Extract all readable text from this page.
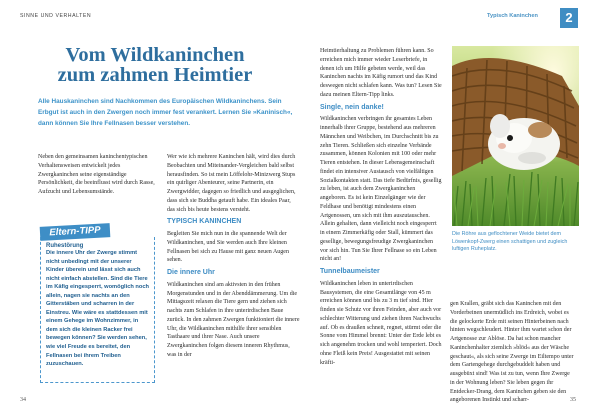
SINNE UND VERHALTEN	Typisch Kaninchen	2
Vom Wildkaninchen
zum zahmen Heimtier
Alle Hauskaninchen sind Nachkommen des Europäischen Wildkaninchens. Sein Erbgut ist auch in den Zwergen noch immer fest verankert. Lernen Sie »Kaninisch«, dann können Sie Ihre Fellnasen besser verstehen.

Neben den gemeinsamen kaninchentypischen Verhaltensweisen entwickelt jedes Zwergkaninchen seine eigenständige Persönlichkeit, die beeinflusst wird durch Rasse, Aufzucht und Lebensumstände.

Eltern-TIPP
Ruhestörung
Die innere Uhr der Zwerge stimmt nicht unbedingt mit der unserer Kinder überein und lässt sich auch nicht einfach abstellen. Sind die Tiere im Käfig eingesperrt, womöglich noch allein, nagen sie nachts an den Gitterstäben und scharren in der Einstreu. Wie wäre es stattdessen mit einem Gehege im Wohnzimmer, in dem sich die kleinen Racker frei bewegen können? Sie werden sehen, wie viel Freude es bereitet, den Fellnasen bei ihrem Treiben zuzuschauen.

Wer wie ich mehrere Kaninchen hält, wird dies durch Beobachten und Miteinander-Vergleichen bald selbst herausfinden. So ist mein Löffelohr-Minizwerg Stups ein quirliger Abenteurer, seine Partnerin, ein Zwergwidder, dagegen so friedlich und ausgeglichen, dass sich sie Buddha getauft habe. Ein ideales Paar, das sich bis heute bestens versteht.

TYPISCH KANINCHEN

Begleiten Sie mich nun in die spannende Welt der Wildkaninchen, und Sie werden auch Ihre kleinen Fellnasen bei sich zu Hause mit ganz neuen Augen sehen.

Die innere Uhr

Wildkaninchen sind am aktivsten in den frühen Morgenstunden und in der Abenddämmerung. Um die Mittagszeit relaxen die Tiere gern und ziehen sich nachts zum Schlafen in ihre unterirdischen Baue zurück. In den zahmen Zwergen funktioniert die innere Uhr, die Wildkaninchen mithilfe ihrer sensiblen Tasthaare und ihrer Nase. Auch unsere Zwergkaninchen folgen diesem inneren Rhythmus, was in der

Heimtierhaltung zu Problemen führen kann. So erreichen mich immer wieder Leserbriefe, in denen ich um Hilfe gebeten werde, weil das Kaninchen nachts im Käfig rumort und das Kind deswegen nicht schlafen kann. Was tun? Lesen Sie dazu meinen Eltern-Tipp links.

Single, nein danke!

Wildkaninchen verbringen ihr gesamtes Leben innerhalb ihrer Gruppe, bestehend aus mehreren Männchen und Weibchen, im Durchschnitt bis zu zehn Tieren. Schließen sich einzelne Verbände zusammen, können Kolonien mit 100 oder mehr Tieren entstehen. In dieser Lebensgemeinschaft findet ein intensiver Austausch von vielfältigen Sozialkontakten statt. Das tiefe Bedürfnis, gesellig zu leben, ist auch dem Zwergkaninchen angeboren. Es ist kein Einzelgänger wie der Feldhase und benötigt mindestens einen Artgenossen, um sich mit ihm auszutauschen. Allein gehalten, dann vielleicht noch eingesperrt in einem Zimmerkäfig oder Stall, kümmert das gesellige, bewegungsfreudige Zwergkaninchen vor sich hin. Tun Sie Ihrer Fellnase so ein Leben nicht an!

Tunnelbaumeister

Wildkaninchen leben in unterirdischen Bausystemen, die eine Gesamtlänge von 45 m erreichen können und bis zu 3 m tief sind. Hier finden sie Schutz vor ihren Feinden, aber auch vor schlechter Witterung und ziehen ihren Nachwuchs auf. Ob es draußen schneit, regnet, stürmt oder die Sonne vom Himmel brennt: Unter der Erde lebt es sich angenehm trocken und wohl temperiert. Doch ohne Fleiß kein Preis! Ausgestattet mit seinen kräfti-

Die Röhre aus geflochtener Weide bietet dem Löwenkopf-Zwerg einen schattigen und zugleich luftigen Ruheplatz.

gen Krallen, gräbt sich das Kaninchen mit den Vorderbeinen unermüdlich ins Erdreich, wobei es die gelockerte Erde mit seinen Hinterbeinen nach hinten wegschleudert. Hinter ihm wartet schon der Artgenosse zur Ablöse. Da hat schon mancher Kaninchenhalter ziemlich »blöd« aus der Wäsche geschaut«, als sich seine Zwerge im Eiltempo unter dem Gartengehege durchgebuddelt haben und ausgebüxt sind! Was ist zu tun, wenn Ihre Zwerge in der Wohnung leben? Sie leben gegen ihr Entdecker-Drang, dem Kaninchen geben sie den angeborenen Instinkt und scharr-

34	35
